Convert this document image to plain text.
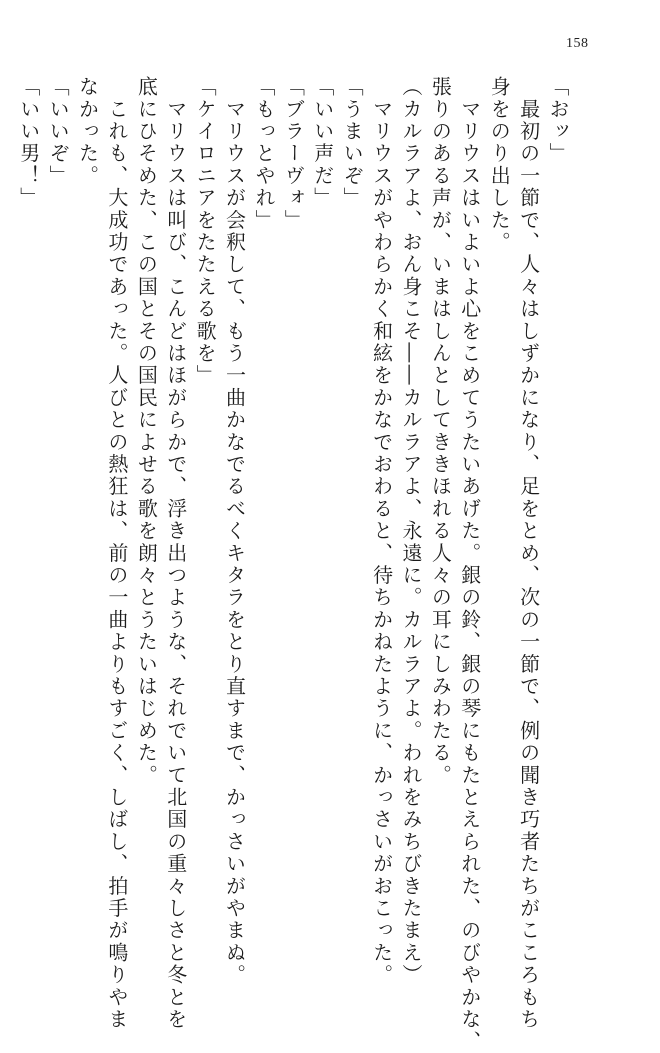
158
「おッ」
　最初の一節で、人々はしずかになり、足をとめ、次の一節で、例の聞き巧者たちがこころもち
身をのり出した。
　マリウスはいよいよ心をこめてうたいあげた。銀の鈴、銀の琴にもたとえられた、のびやかな、
張りのある声が、いまはしんとしてききほれる人々の耳にしみわたる。
（カルラアよ、おん身こそ――カルラアよ、永遠に。カルラアよ。われをみちびきたまえ）
　マリウスがやわらかく和絃をかなでおわると、待ちかねたように、かっさいがおこった。
「うまいぞ」
「いい声だ」
「ブラーヴォ」
「もっとやれ」
　マリウスが会釈して、もう一曲かなでるべくキタラをとり直すまで、かっさいがやまぬ。
「ケイロニアをたたえる歌を」
　マリウスは叫び、こんどはほがらかで、浮き出つような、それでいて北国の重々しさと冬とを
底にひそめた、この国とその国民によせる歌を朗々とうたいはじめた。
　これも、大成功であった。人びとの熱狂は、前の一曲よりもすごく、しばし、拍手が鳴りやま
なかった。
「いいぞ」
「いい男！」
